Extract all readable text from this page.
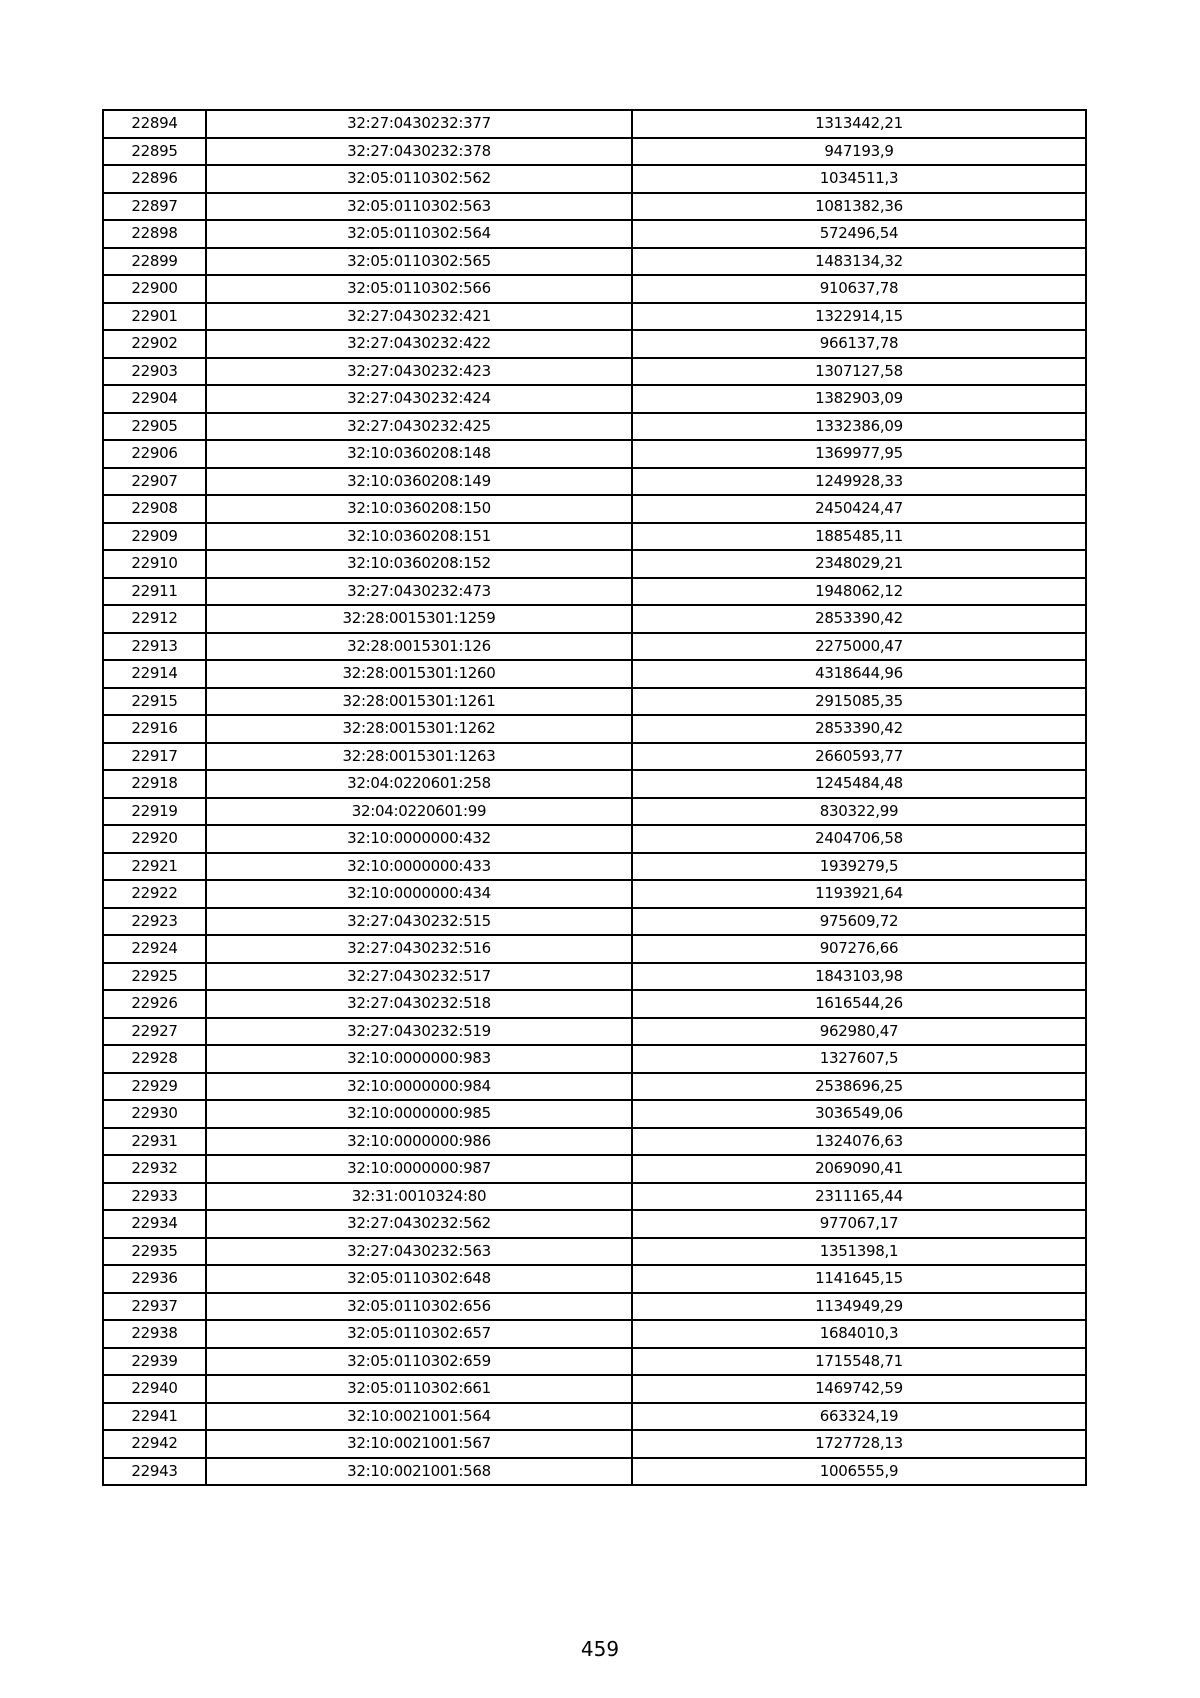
22894	32:27:0430232:377	1313442,21
22895	32:27:0430232:378	947193,9
22896	32:05:0110302:562	1034511,3
22897	32:05:0110302:563	1081382,36
22898	32:05:0110302:564	572496,54
22899	32:05:0110302:565	1483134,32
22900	32:05:0110302:566	910637,78
22901	32:27:0430232:421	1322914,15
22902	32:27:0430232:422	966137,78
22903	32:27:0430232:423	1307127,58
22904	32:27:0430232:424	1382903,09
22905	32:27:0430232:425	1332386,09
22906	32:10:0360208:148	1369977,95
22907	32:10:0360208:149	1249928,33
22908	32:10:0360208:150	2450424,47
22909	32:10:0360208:151	1885485,11
22910	32:10:0360208:152	2348029,21
22911	32:27:0430232:473	1948062,12
22912	32:28:0015301:1259	2853390,42
22913	32:28:0015301:126	2275000,47
22914	32:28:0015301:1260	4318644,96
22915	32:28:0015301:1261	2915085,35
22916	32:28:0015301:1262	2853390,42
22917	32:28:0015301:1263	2660593,77
22918	32:04:0220601:258	1245484,48
22919	32:04:0220601:99	830322,99
22920	32:10:0000000:432	2404706,58
22921	32:10:0000000:433	1939279,5
22922	32:10:0000000:434	1193921,64
22923	32:27:0430232:515	975609,72
22924	32:27:0430232:516	907276,66
22925	32:27:0430232:517	1843103,98
22926	32:27:0430232:518	1616544,26
22927	32:27:0430232:519	962980,47
22928	32:10:0000000:983	1327607,5
22929	32:10:0000000:984	2538696,25
22930	32:10:0000000:985	3036549,06
22931	32:10:0000000:986	1324076,63
22932	32:10:0000000:987	2069090,41
22933	32:31:0010324:80	2311165,44
22934	32:27:0430232:562	977067,17
22935	32:27:0430232:563	1351398,1
22936	32:05:0110302:648	1141645,15
22937	32:05:0110302:656	1134949,29
22938	32:05:0110302:657	1684010,3
22939	32:05:0110302:659	1715548,71
22940	32:05:0110302:661	1469742,59
22941	32:10:0021001:564	663324,19
22942	32:10:0021001:567	1727728,13
22943	32:10:0021001:568	1006555,9
459
